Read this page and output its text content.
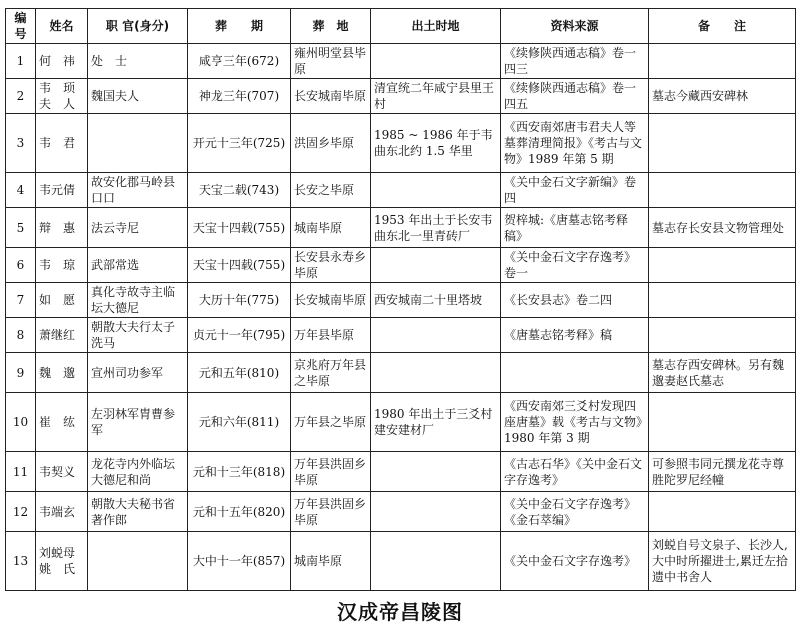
编号	姓名	职 官(身分)	葬　　期	葬　地	出土时地	资料来源	备　　注
1	何　祎	处　士	咸亨三年(672)	雍州明堂县毕原		《续修陕西通志稿》卷一四三	
2	韦　顼夫　人	魏国夫人	神龙三年(707)	长安城南毕原	清宣统二年咸宁县里王村	《续修陕西通志稿》卷一四五	墓志今藏西安碑林
3	韦　君		开元十三年(725)	洪固乡毕原	1985 ~ 1986 年于韦曲东北约 1.5 华里	《西安南郊唐韦君夫人等墓葬清理简报》《考古与文物》1989 年第 5 期	
4	韦元倩	故安化郡马岭县口口	天宝二载(743)	长安之毕原		《关中金石文字新编》卷四	
5	辩　惠	法云寺尼	天宝十四载(755)	城南毕原	1953 年出土于长安韦曲东北一里青砖厂	贺梓城:《唐墓志铭考释稿》	墓志存长安县文物管理处
6	韦　琼	武部常选	天宝十四载(755)	长安县永寿乡毕原		《关中金石文字存逸考》卷一	
7	如　愿	真化寺故寺主临坛大德尼	大历十年(775)	长安城南毕原	西安城南二十里塔坡	《长安县志》卷二四	
8	萧继红	朝散大夫行太子洗马	贞元十一年(795)	万年县毕原		《唐墓志铭考释》稿	
9	魏　邈	宣州司功参军	元和五年(810)	京兆府万年县之毕原			墓志存西安碑林。另有魏邈妻赵氏墓志
10	崔　纮	左羽林军胄曹参军	元和六年(811)	万年县之毕原	1980 年出土于三爻村建安建材厂	《西安南郊三爻村发现四座唐墓》载《考古与文物》1980 年第 3 期	
11	韦契义	龙花寺内外临坛大德尼和尚	元和十三年(818)	万年县洪固乡毕原		《古志石华》《关中金石文字存逸考》	可参照韦同元撰龙花寺尊胜陀罗尼经幢
12	韦端玄	朝散大夫秘书省著作郎	元和十五年(820)	万年县洪固乡毕原		《关中金石文字存逸考》《金石萃编》	
13	刘蜕母姚　氏		大中十一年(857)	城南毕原		《关中金石文字存逸考》	刘蜕自号文泉子、长沙人,大中时所擢进士,累迁左拾遗中书舍人
汉成帝昌陵图
